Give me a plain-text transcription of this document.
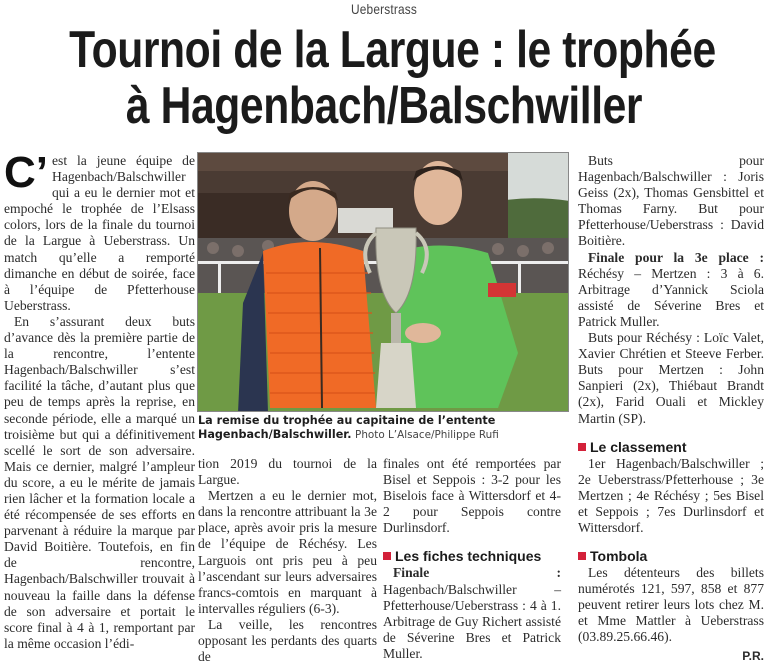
Ueberstrass
Tournoi de la Largue : le trophée
à Hagenbach/Balschwiller

C’ est la jeune équipe de Hagenbach/Balschwiller qui a eu le dernier mot et empoché le trophée de l’Elsass colors, lors de la finale du tournoi de la Largue à Ueberstrass. Un match qu’elle a remporté dimanche en début de soirée, face à l’équipe de Pfetterhouse Ueberstrass.

En s’assurant deux buts d’avance dès la première partie de la rencontre, l’entente Hagenbach/Balschwiller s’est facilité la tâche, d’autant plus que peu de temps après la reprise, en seconde période, elle a marqué un troisième but qui a définitivement scellé le sort de son adversaire. Mais ce dernier, malgré l’ampleur du score, a eu le mérite de jamais rien lâcher et la formation locale a été récompensée de ses efforts en parvenant à réduire la marque par David Boitière. Toutefois, en fin de rencontre, Hagenbach/Balschwiller trouvait à nouveau la faille dans la défense de son adversaire et portait le score final à 4 à 1, remportant par la même occasion l’édi-

La remise du trophée au capitaine de l’entente Hagenbach/Balschwiller. Photo L’Alsace/Philippe Rufi

tion 2019 du tournoi de la Largue.

Mertzen a eu le dernier mot, dans la rencontre attribuant la 3e place, après avoir pris la mesure de l’équipe de Réchésy. Les Larguois ont pris peu à peu l’ascendant sur leurs adversaires francs-comtois en marquant à intervalles réguliers (6-3).

La veille, les rencontres opposant les perdants des quarts de

finales ont été remportées par Bisel et Seppois : 3-2 pour les Biselois face à Wittersdorf et 4-2 pour Seppois contre Durlinsdorf.

Les fiches techniques

Finale : Hagenbach/Balschwiller – Pfetterhouse/Ueberstrass : 4 à 1. Arbitrage de Guy Richert assisté de Séverine Bres et Patrick Muller.

Buts pour Hagenbach/Balschwiller : Joris Geiss (2x), Thomas Gensbittel et Thomas Farny. But pour Pfetterhouse/Ueberstrass : David Boitière.

Finale pour la 3e place : Réchésy – Mertzen : 3 à 6. Arbitrage d’Yannick Sciola assisté de Séverine Bres et Patrick Muller.

Buts pour Réchésy : Loïc Valet, Xavier Chrétien et Steeve Ferber. Buts pour Mertzen : John Sanpieri (2x), Thiébaut Brandt (2x), Farid Ouali et Mickley Martin (SP).

Le classement

1er Hagenbach/Balschwiller ; 2e Ueberstrass/Pfetterhouse ; 3e Mertzen ; 4e Réchésy ; 5es Bisel et Seppois ; 7es Durlinsdorf et Wittersdorf.

Tombola

Les détenteurs des billets numérotés 121, 597, 858 et 877 peuvent retirer leurs lots chez M. et Mme Mattler à Ueberstrass (03.89.25.66.46).

P.R.
